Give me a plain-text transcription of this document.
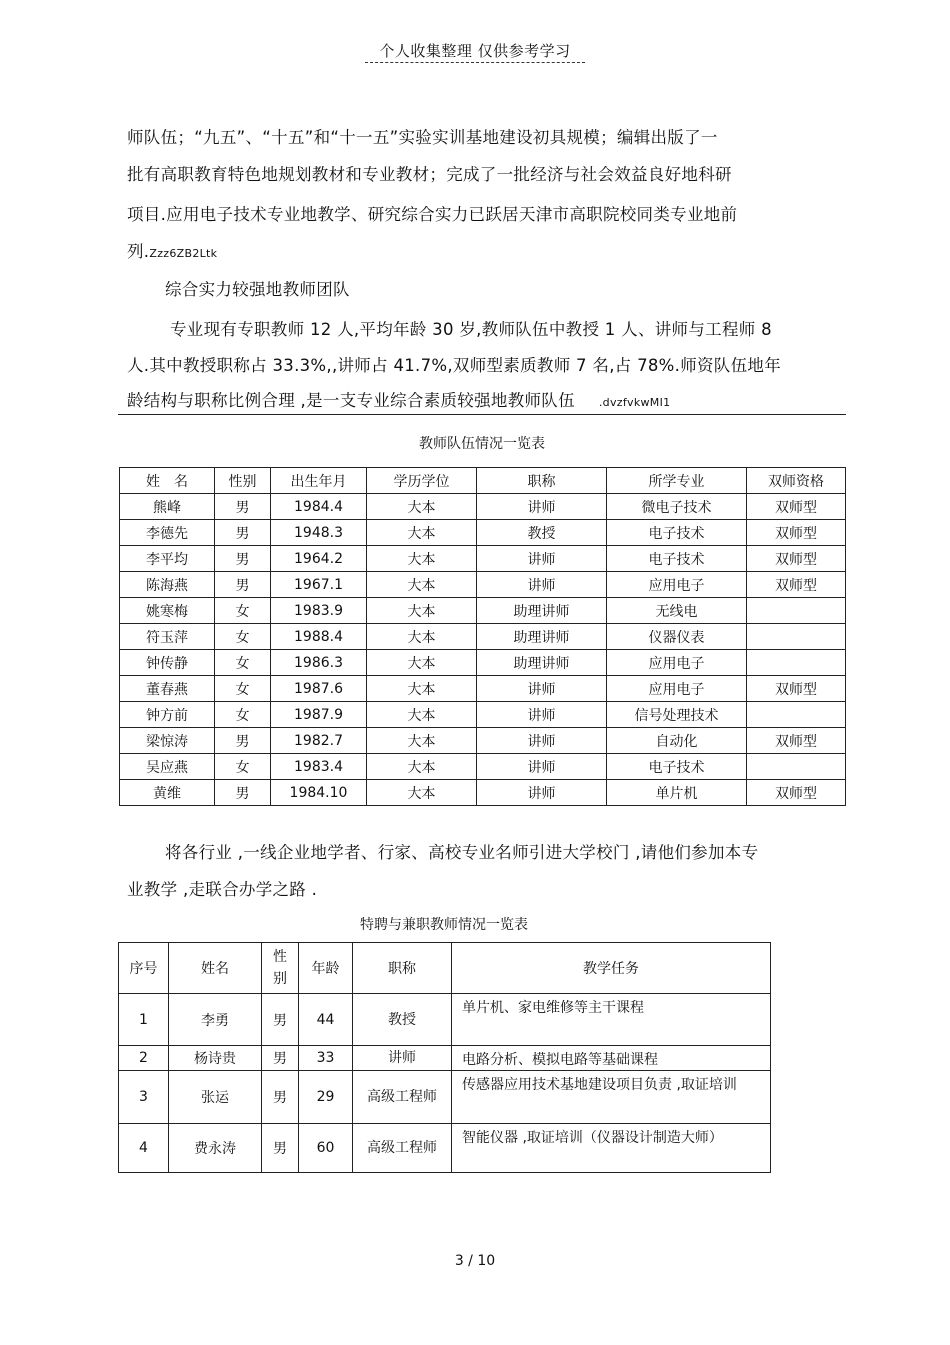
个人收集整理 仅供参考学习
师队伍；“九五”、“十五”和“十一五”实验实训基地建设初具规模；编辑出版了一
批有高职教育特色地规划教材和专业教材；完成了一批经济与社会效益良好地科研
项目.应用电子技术专业地教学、研究综合实力已跃居天津市高职院校同类专业地前
列.Zzz6ZB2Ltk
综合实力较强地教师团队
专业现有专职教师 12 人,平均年龄 30 岁,教师队伍中教授 1 人、讲师与工程师 8
人.其中教授职称占 33.3%,,讲师占 41.7%,双师型素质教师 7 名,占 78%.师资队伍地年
龄结构与职称比例合理 ,是一支专业综合素质较强地教师队伍 .dvzfvkwMI1
教师队伍情况一览表
姓　名	性别	出生年月	学历学位	职称	所学专业	双师资格
熊峰	男	1984.4	大本	讲师	微电子技术	双师型
李德先	男	1948.3	大本	教授	电子技术	双师型
李平均	男	1964.2	大本	讲师	电子技术	双师型
陈海燕	男	1967.1	大本	讲师	应用电子	双师型
姚寒梅	女	1983.9	大本	助理讲师	无线电	
符玉萍	女	1988.4	大本	助理讲师	仪器仪表	
钟传静	女	1986.3	大本	助理讲师	应用电子	
董春燕	女	1987.6	大本	讲师	应用电子	双师型
钟方前	女	1987.9	大本	讲师	信号处理技术	
梁惊涛	男	1982.7	大本	讲师	自动化	双师型
吴应燕	女	1983.4	大本	讲师	电子技术	
黄维	男	1984.10	大本	讲师	单片机	双师型
将各行业 ,一线企业地学者、行家、高校专业名师引进大学校门 ,请他们参加本专
业教学 ,走联合办学之路 .
特聘与兼职教师情况一览表
序号	姓名	性别	年龄	职称	教学任务
1	李勇	男	44	教授	单片机、家电维修等主干课程
2	杨诗贵	男	33	讲师	电路分析、模拟电路等基础课程
3	张运	男	29	高级工程师	传感器应用技术基地建设项目负责 ,取证培训
4	费永涛	男	60	高级工程师	智能仪器 ,取证培训（仪器设计制造大师）
3 / 10
